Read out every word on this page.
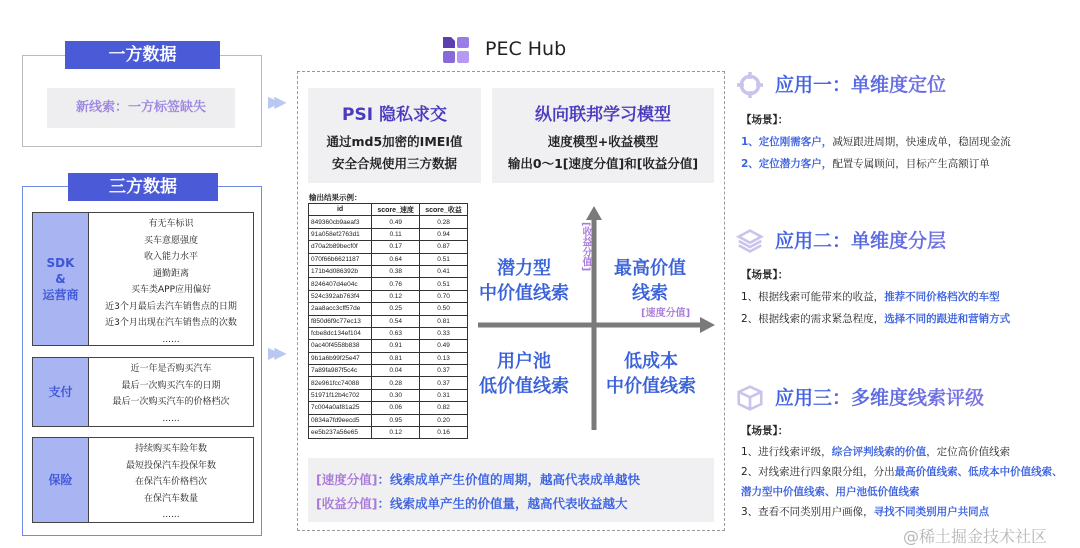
一方数据
新线索：一方标签缺失
三方数据
SDK
&
运营商
有无车标识
买车意愿强度
收入能力水平
通勤距离
买车类APP应用偏好
近3个月最后去汽车销售点的日期
近3个月出现在汽车销售点的次数
......
支付
近一年是否购买汽车
最后一次购买汽车的日期
最后一次购买汽车的价格档次
......
保险
持续购买车险年数
最短投保汽车投保年数
在保汽车价格档次
在保汽车数量
......
▶▶
▶▶
PEC Hub
PSI 隐私求交

通过md5加密的IMEI值

安全合规使用三方数据

纵向联邦学习模型

速度模型+收益模型

输出0～1[速度分值]和[收益分值]

输出结果示例：
id	score_速度	score_收益
849360cb9aeaf3	0.49	0.28
91a058ef2763d1	0.11	0.94
d70a2b89becf0f	0.17	0.87
070f66b6621187	0.64	0.51
171b4d086392b	0.38	0.41
8246407d4e04c	0.76	0.51
524c392ab763f4	0.12	0.70
2aa8acc3cff57de	0.25	0.50
f850d6f9c77ec13	0.54	0.81
fcbe8dc134ef104	0.63	0.33
0ac40f4558b838	0.91	0.49
9b1a6b99f25e47	0.81	0.13
7a89fa987f5c4c	0.04	0.37
82e961fcc74088	0.28	0.37
51971f12b4c702	0.30	0.31
7c004a0af81a25	0.06	0.82
0834a7fd9eecd5	0.95	0.20
ee5b237a56e65	0.12	0.16
[收益分值]
[速度分值]
潜力型
中价值线索
最高价值
线索
用户池
低价值线索
低成本
中价值线索
[速度分值]：线索成单产生价值的周期，越高代表成单越快
[收益分值]：线索成单产生的价值量，越高代表收益越大
应用一：单维度定位
应用二：单维度分层
应用三：多维度线索评级
【场景】：
1、定位刚需客户，减短跟进周期，快速成单，稳固现金流
2、定位潜力客户，配置专属顾问，目标产生高额订单
【场景】：
1、根据线索可能带来的收益，推荐不同价格档次的车型
2、根据线索的需求紧急程度，选择不同的跟进和营销方式
【场景】：
1、进行线索评级，综合评判线索的价值，定位高价值线索
2、对线索进行四象限分组，分出最高价值线索、低成本中价值线索、潜力型中价值线索、用户池低价值线索
3、查看不同类别用户画像，寻找不同类别用户共同点
@稀土掘金技术社区
